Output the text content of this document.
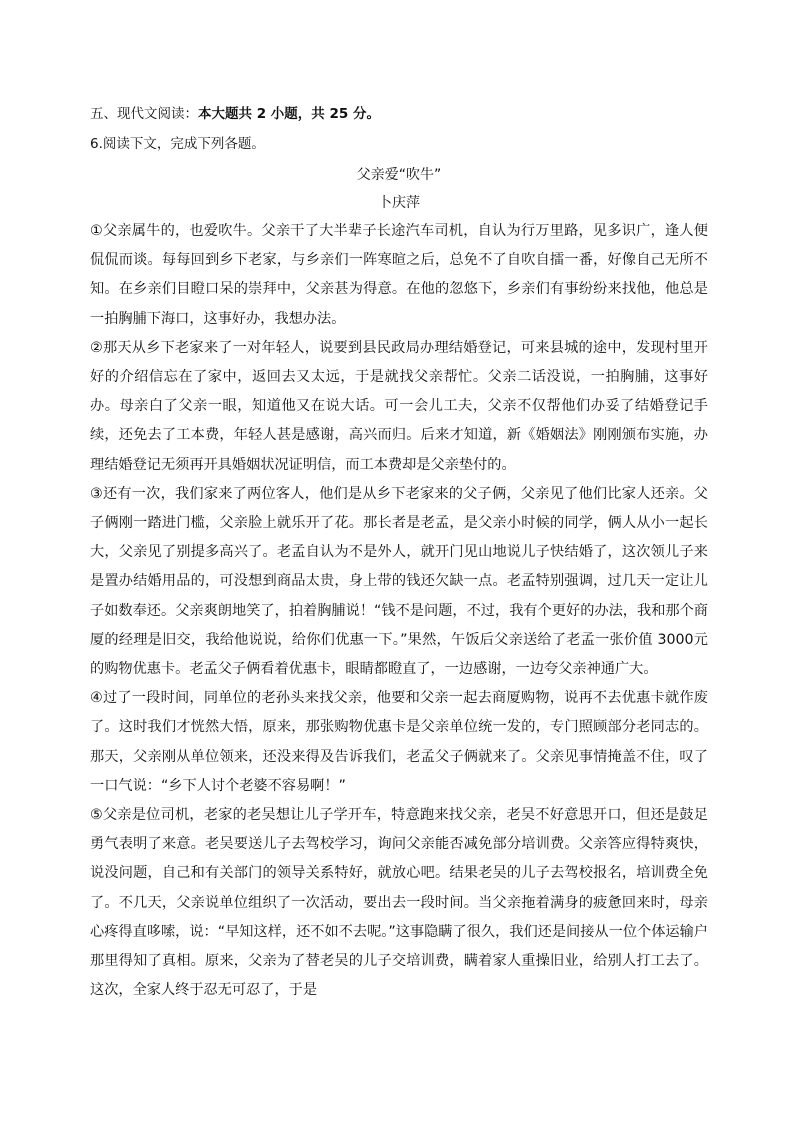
五、现代文阅读：本大题共 2 小题，共 25 分。

6.阅读下文，完成下列各题。

父亲爱“吹牛”

卜庆萍

①父亲属牛的，也爱吹牛。父亲干了大半辈子长途汽车司机，自认为行万里路，见多识广，逢人便侃侃而谈。每每回到乡下老家，与乡亲们一阵寒暄之后，总免不了自吹自擂一番，好像自己无所不知。在乡亲们目瞪口呆的崇拜中，父亲甚为得意。在他的忽悠下，乡亲们有事纷纷来找他，他总是一拍胸脯下海口，这事好办，我想办法。

②那天从乡下老家来了一对年轻人，说要到县民政局办理结婚登记，可来县城的途中，发现村里开好的介绍信忘在了家中，返回去又太远，于是就找父亲帮忙。父亲二话没说，一拍胸脯，这事好办。母亲白了父亲一眼，知道他又在说大话。可一会儿工夫，父亲不仅帮他们办妥了结婚登记手续，还免去了工本费，年轻人甚是感谢，高兴而归。后来才知道，新《婚姻法》刚刚颁布实施，办理结婚登记无须再开具婚姻状况证明信，而工本费却是父亲垫付的。

③还有一次，我们家来了两位客人，他们是从乡下老家来的父子俩，父亲见了他们比家人还亲。父子俩刚一踏进门槛，父亲脸上就乐开了花。那长者是老孟，是父亲小时候的同学，俩人从小一起长大，父亲见了别提多高兴了。老孟自认为不是外人，就开门见山地说儿子快结婚了，这次领儿子来是置办结婚用品的，可没想到商品太贵，身上带的钱还欠缺一点。老孟特别强调，过几天一定让儿子如数奉还。父亲爽朗地笑了，拍着胸脯说！“钱不是问题，不过，我有个更好的办法，我和那个商厦的经理是旧交，我给他说说，给你们优惠一下。”果然，午饭后父亲送给了老孟一张价值 3000元的购物优惠卡。老孟父子俩看着优惠卡，眼睛都瞪直了，一边感谢，一边夸父亲神通广大。

④过了一段时间，同单位的老孙头来找父亲，他要和父亲一起去商厦购物，说再不去优惠卡就作废了。这时我们才恍然大悟，原来，那张购物优惠卡是父亲单位统一发的，专门照顾部分老同志的。那天，父亲刚从单位领来，还没来得及告诉我们，老孟父子俩就来了。父亲见事情掩盖不住，叹了一口气说：“乡下人讨个老婆不容易啊！”

⑤父亲是位司机，老家的老吴想让儿子学开车，特意跑来找父亲，老吴不好意思开口，但还是鼓足勇气表明了来意。老吴要送儿子去驾校学习，询问父亲能否减免部分培训费。父亲答应得特爽快，说没问题，自己和有关部门的领导关系特好，就放心吧。结果老吴的儿子去驾校报名，培训费全免了。不几天，父亲说单位组织了一次活动，要出去一段时间。当父亲拖着满身的疲惫回来时，母亲心疼得直哆嗦，说：“早知这样，还不如不去呢。”这事隐瞒了很久，我们还是间接从一位个体运输户那里得知了真相。原来，父亲为了替老吴的儿子交培训费，瞒着家人重操旧业，给别人打工去了。这次，全家人终于忍无可忍了，于是
